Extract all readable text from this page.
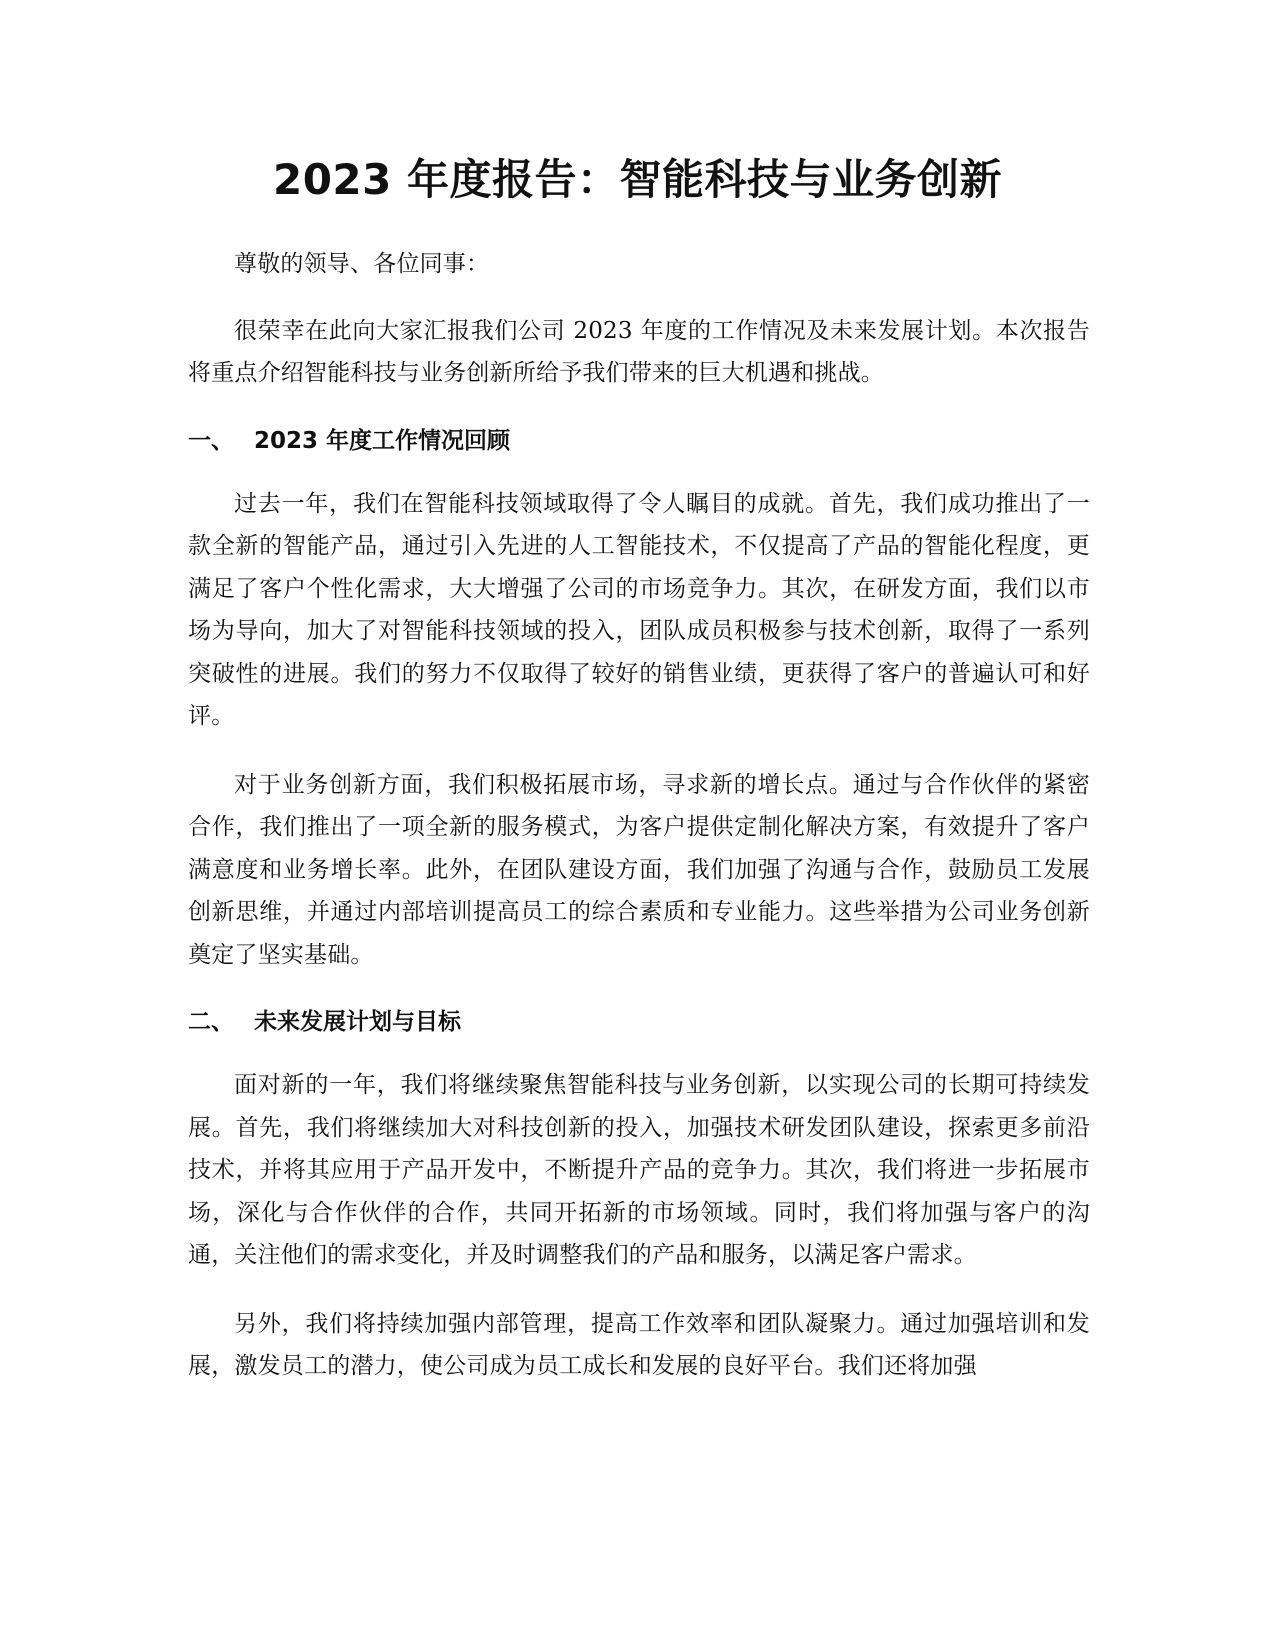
2023 年度报告：智能科技与业务创新

尊敬的领导、各位同事：

很荣幸在此向大家汇报我们公司 2023 年度的工作情况及未来发展计划。本次报告将重点介绍智能科技与业务创新所给予我们带来的巨大机遇和挑战。

一、 2023 年度工作情况回顾

过去一年，我们在智能科技领域取得了令人瞩目的成就。首先，我们成功推出了一款全新的智能产品，通过引入先进的人工智能技术，不仅提高了产品的智能化程度，更满足了客户个性化需求，大大增强了公司的市场竞争力。其次，在研发方面，我们以市场为导向，加大了对智能科技领域的投入，团队成员积极参与技术创新，取得了一系列突破性的进展。我们的努力不仅取得了较好的销售业绩，更获得了客户的普遍认可和好评。

对于业务创新方面，我们积极拓展市场，寻求新的增长点。通过与合作伙伴的紧密合作，我们推出了一项全新的服务模式，为客户提供定制化解决方案，有效提升了客户满意度和业务增长率。此外，在团队建设方面，我们加强了沟通与合作，鼓励员工发展创新思维，并通过内部培训提高员工的综合素质和专业能力。这些举措为公司业务创新奠定了坚实基础。

二、 未来发展计划与目标

面对新的一年，我们将继续聚焦智能科技与业务创新，以实现公司的长期可持续发展。首先，我们将继续加大对科技创新的投入，加强技术研发团队建设，探索更多前沿技术，并将其应用于产品开发中，不断提升产品的竞争力。其次，我们将进一步拓展市场，深化与合作伙伴的合作，共同开拓新的市场领域。同时，我们将加强与客户的沟通，关注他们的需求变化，并及时调整我们的产品和服务，以满足客户需求。

另外，我们将持续加强内部管理，提高工作效率和团队凝聚力。通过加强培训和发展，激发员工的潜力，使公司成为员工成长和发展的良好平台。我们还将加强
